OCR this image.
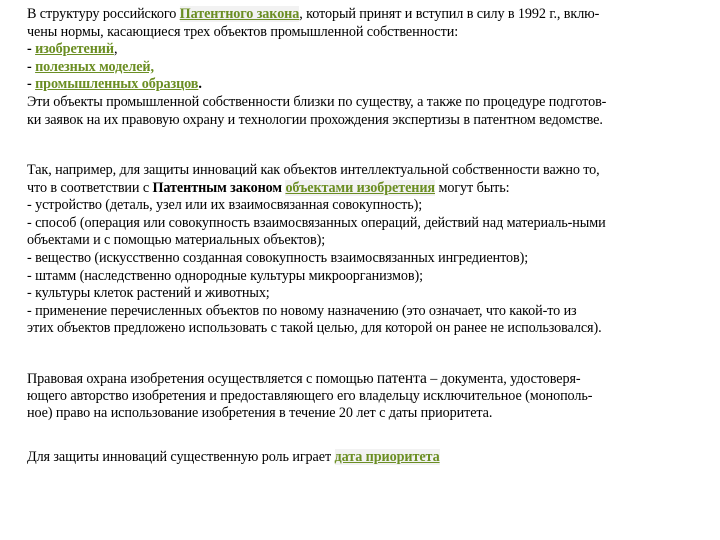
В структуру российского Патентного закона, который принят и вступил в силу в 1992 г., вклю-
чены нормы, касающиеся трех объектов промышленной собственности:
- изобретений,
- полезных моделей,
- промышленных образцов.
Эти объекты промышленной собственности близки по существу, а также по процедуре подготов-
ки заявок на их правовую охрану и технологии прохождения экспертизы в патентном ведомстве.
Так, например, для защиты инноваций как объектов интеллектуальной собственности важно то,
что в соответствии с Патентным законом объектами изобретения могут быть:
- устройство (деталь, узел или их взаимосвязанная совокупность);
- способ (операция или совокупность взаимосвязанных операций, действий над материаль-ными
объектами и с помощью материальных объектов);
- вещество (искусственно созданная совокупность взаимосвязанных ингредиентов);
- штамм (наследственно однородные культуры микроорганизмов);
- культуры клеток растений и животных;
- применение перечисленных объектов по новому назначению (это означает, что какой-то из
этих объектов предложено использовать с такой целью, для которой он ранее не использовался).
Правовая охрана изобретения осуществляется с помощью патента – документа, удостоверя-
ющего авторство изобретения и предоставляющего его владельцу исключительное (монополь-
ное) право на использование изобретения в течение 20 лет с даты приоритета.
Для защиты инноваций существенную роль играет дата приоритета
